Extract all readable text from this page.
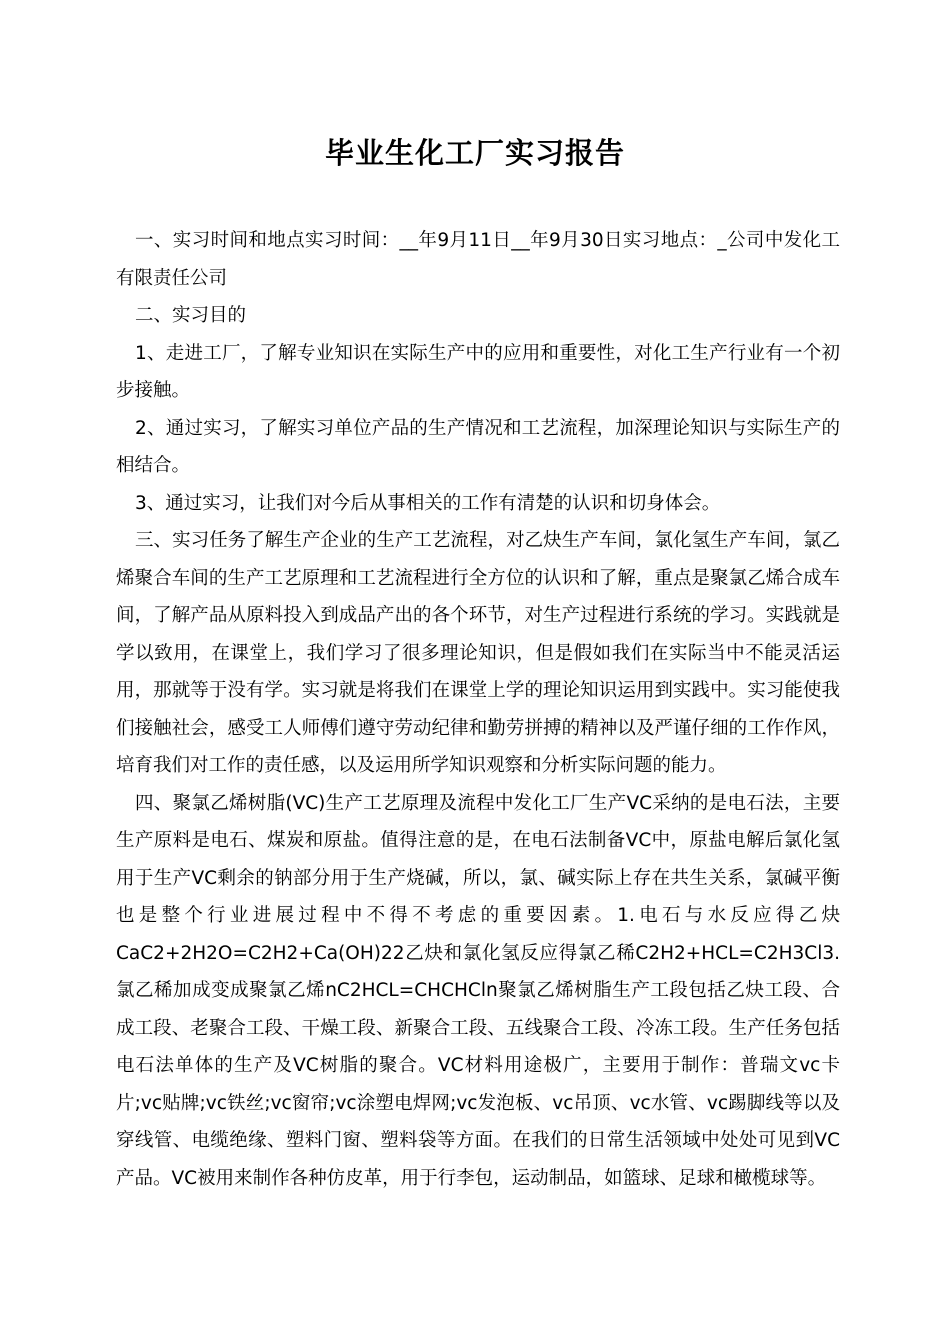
毕业生化工厂实习报告

一、实习时间和地点实习时间：__年9月11日__年9月30日实习地点：_公司中发化工有限责任公司

二、实习目的

1、走进工厂，了解专业知识在实际生产中的应用和重要性，对化工生产行业有一个初步接触。

2、通过实习，了解实习单位产品的生产情况和工艺流程，加深理论知识与实际生产的相结合。

3、通过实习，让我们对今后从事相关的工作有清楚的认识和切身体会。

三、实习任务了解生产企业的生产工艺流程，对乙炔生产车间，氯化氢生产车间，氯乙烯聚合车间的生产工艺原理和工艺流程进行全方位的认识和了解，重点是聚氯乙烯合成车间，了解产品从原料投入到成品产出的各个环节，对生产过程进行系统的学习。实践就是学以致用，在课堂上，我们学习了很多理论知识，但是假如我们在实际当中不能灵活运用，那就等于没有学。实习就是将我们在课堂上学的理论知识运用到实践中。实习能使我们接触社会，感受工人师傅们遵守劳动纪律和勤劳拼搏的精神以及严谨仔细的工作作风，培育我们对工作的责任感，以及运用所学知识观察和分析实际问题的能力。

四、聚氯乙烯树脂(VC)生产工艺原理及流程中发化工厂生产VC采纳的是电石法，主要生产原料是电石、煤炭和原盐。值得注意的是，在电石法制备VC中，原盐电解后氯化氢用于生产VC剩余的钠部分用于生产烧碱，所以，氯、碱实际上存在共生关系，氯碱平衡也是整个行业进展过程中不得不考虑的重要因素。1.电石与水反应得乙炔CaC2+2H2O=C2H2+Ca(OH)22乙炔和氯化氢反应得氯乙稀C2H2+HCL=C2H3Cl3.氯乙稀加成变成聚氯乙烯nC2HCL=CHCHCln聚氯乙烯树脂生产工段包括乙炔工段、合成工段、老聚合工段、干燥工段、新聚合工段、五线聚合工段、冷冻工段。生产任务包括电石法单体的生产及VC树脂的聚合。VC材料用途极广，主要用于制作：普瑞文vc卡片;vc贴牌;vc铁丝;vc窗帘;vc涂塑电焊网;vc发泡板、vc吊顶、vc水管、vc踢脚线等以及穿线管、电缆绝缘、塑料门窗、塑料袋等方面。在我们的日常生活领域中处处可见到VC产品。VC被用来制作各种仿皮革，用于行李包，运动制品，如篮球、足球和橄榄球等。
